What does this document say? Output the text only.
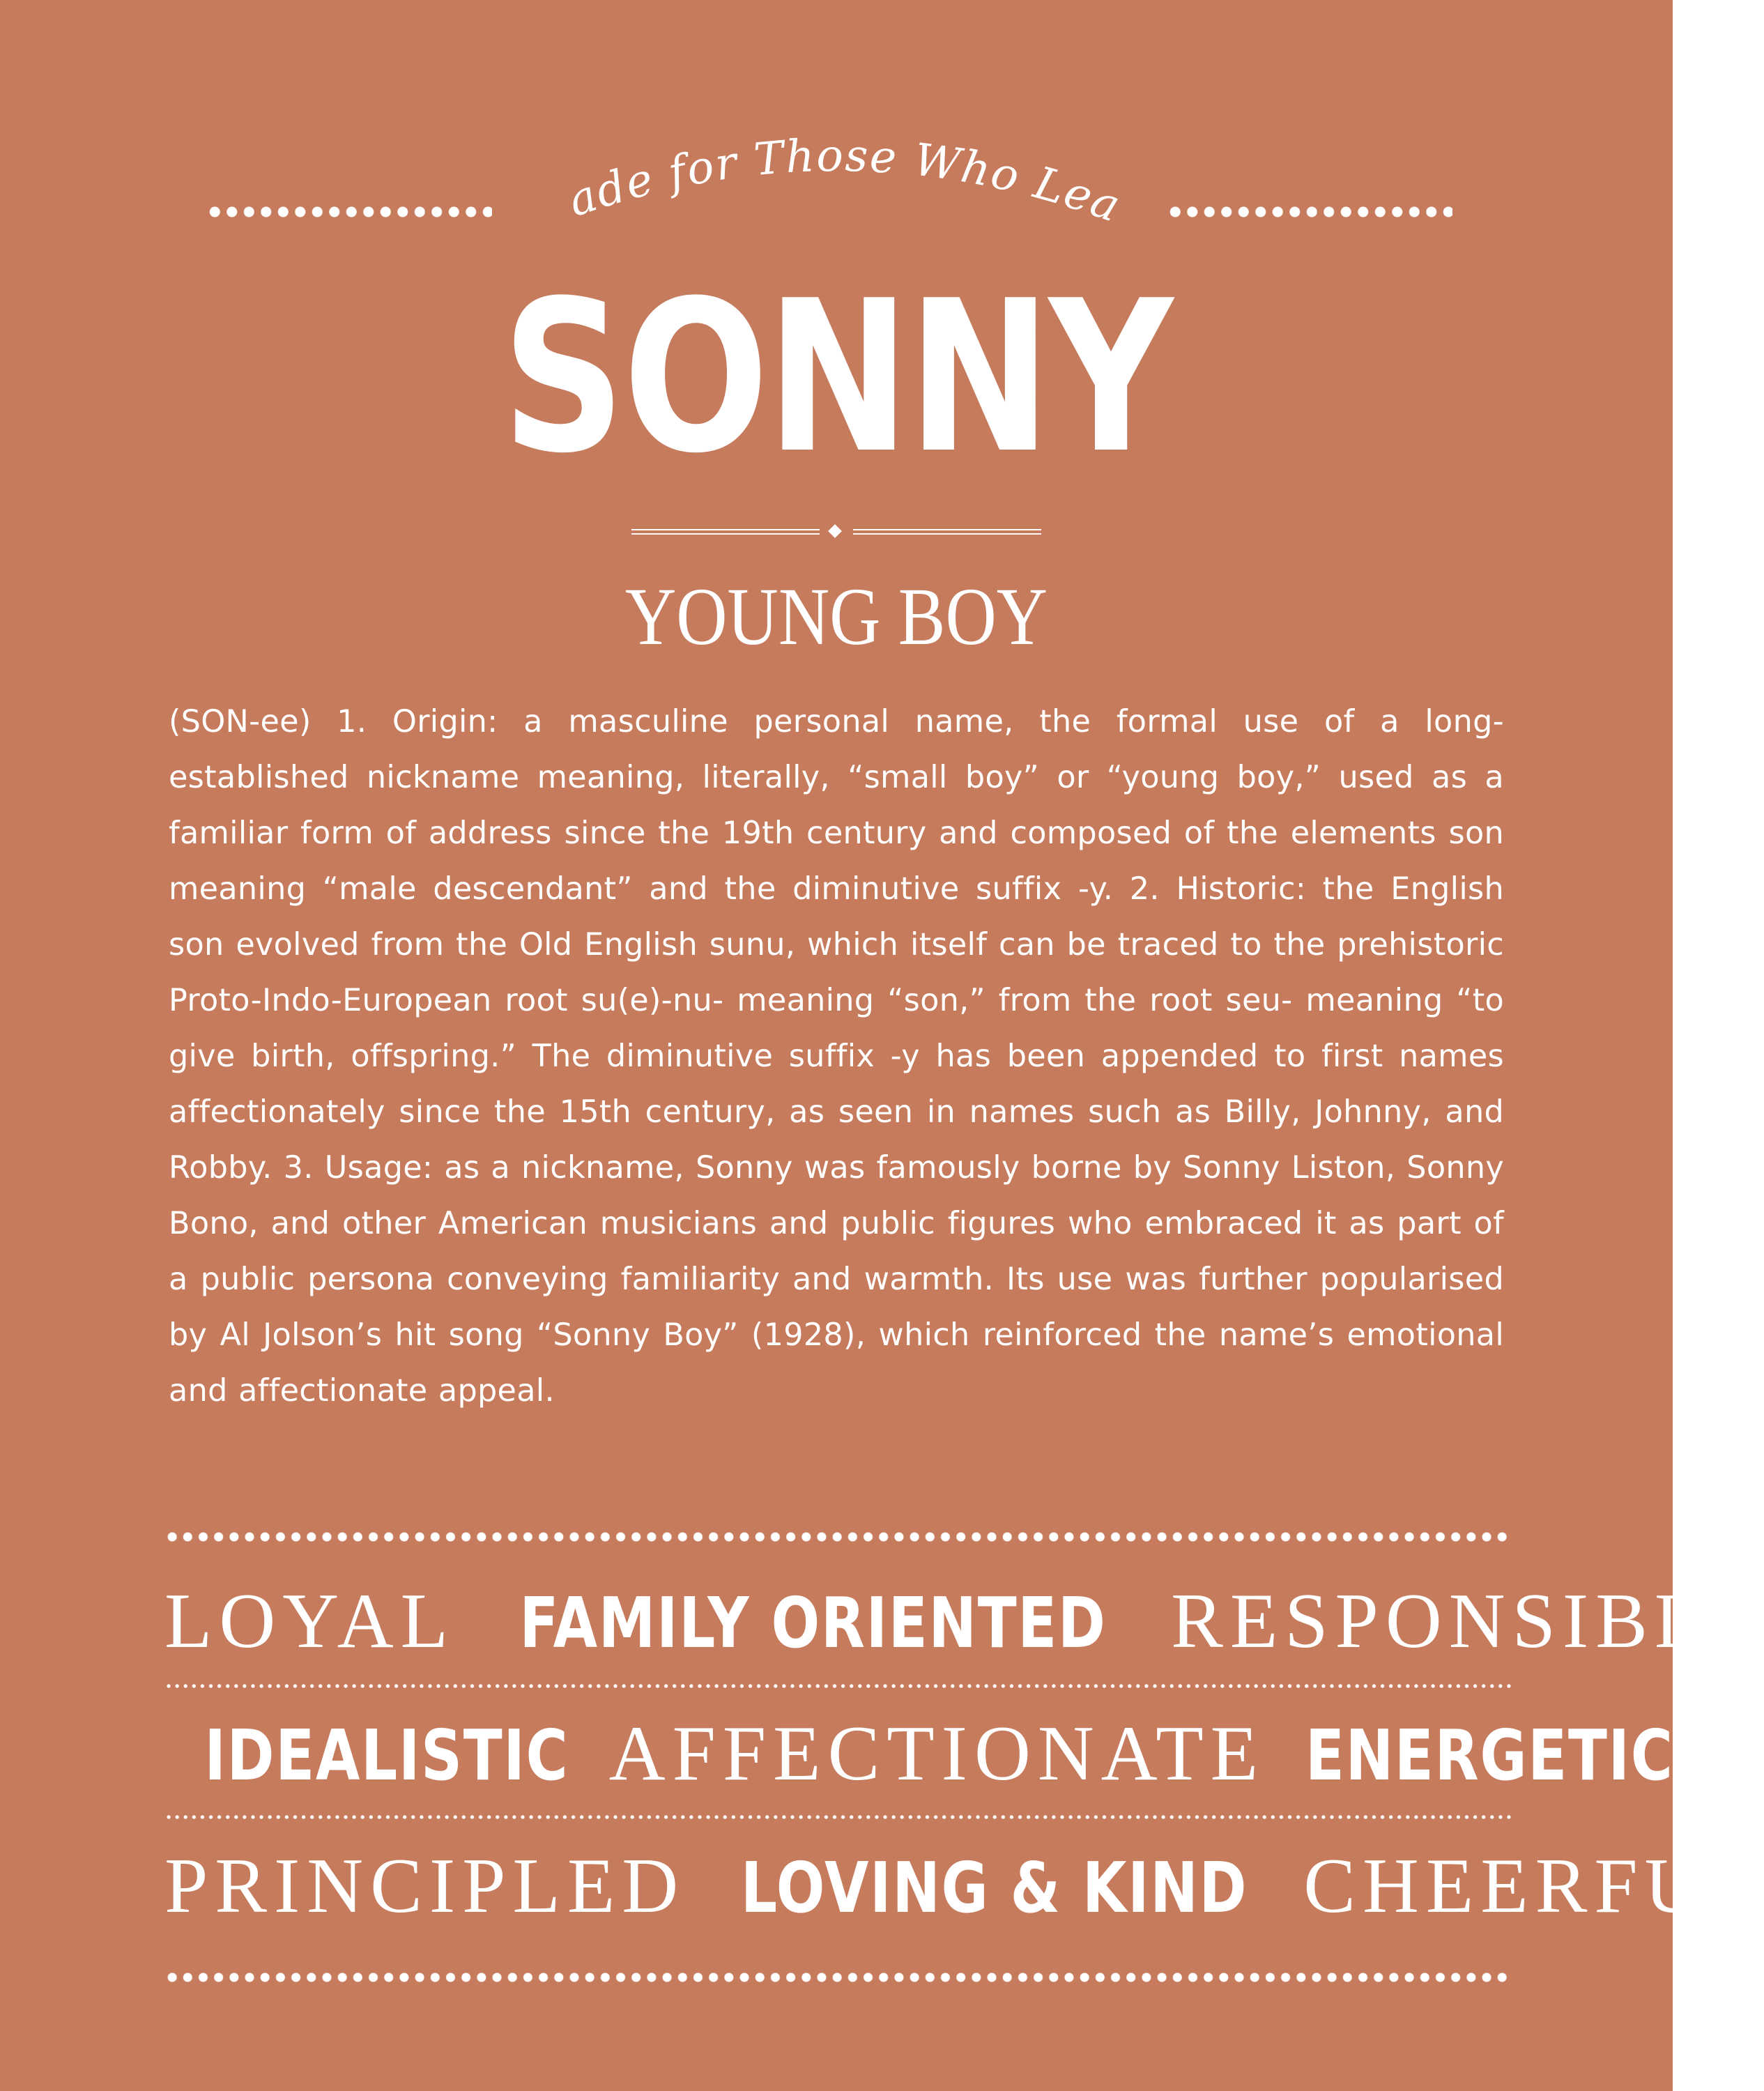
Made for Those Who Lead
SONNY
YOUNG BOY
(SON-ee) 1. Origin: a masculine personal name, the formal use of a long-established nickname meaning, literally, “small boy” or “young boy,” used as a familiar form of address since the 19th century and composed of the elements son meaning “male descendant” and the diminutive suffix -y. 2. Historic: the English son evolved from the Old English sunu, which itself can be traced to the prehistoric Proto-Indo-European root su(e)-nu- meaning “son,” from the root seu- meaning “to give birth, offspring.” The diminutive suffix -y has been appended to first names affectionately since the 15th century, as seen in names such as Billy, Johnny, and Robby. 3. Usage: as a nickname, Sonny was famously borne by Sonny Liston, Sonny Bono, and other American musicians and public figures who embraced it as part of a public persona conveying familiarity and warmth. Its use was further popularised by Al Jolson’s hit song “Sonny Boy” (1928), which reinforced the name’s emotional and affectionate appeal.
LOYAL FAMILY ORIENTED RESPONSIBLE
IDEALISTIC AFFECTIONATE ENERGETIC
PRINCIPLED LOVING & KIND CHEERFUL
